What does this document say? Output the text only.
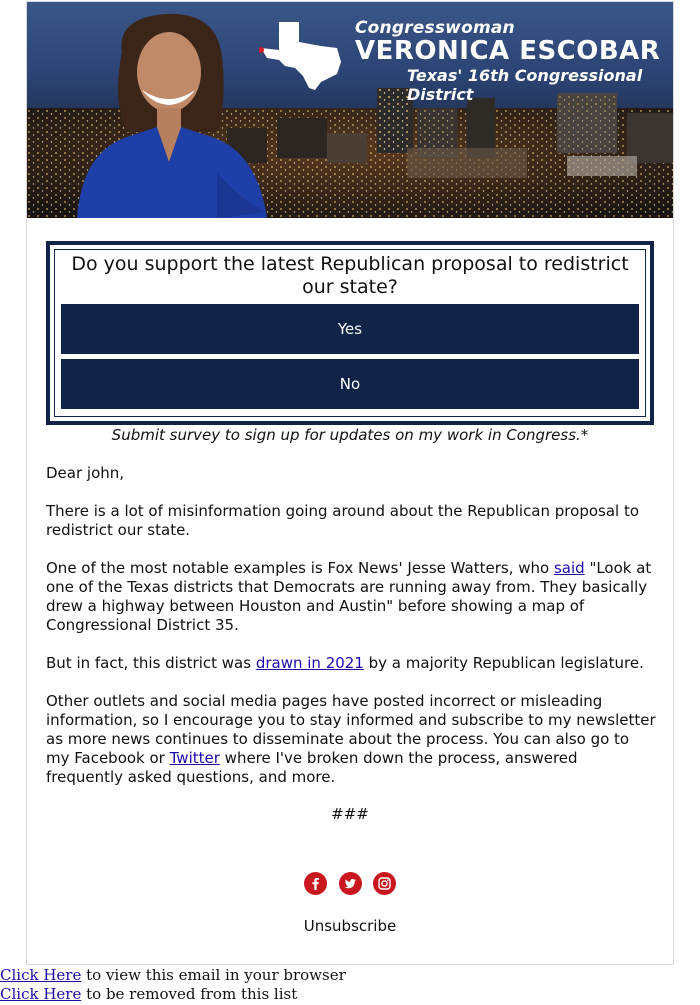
Congresswoman
VERONICA ESCOBAR
Texas' 16th Congressional District
Do you support the latest Republican proposal to redistrict our state?
Yes
No
Submit survey to sign up for updates on my work in Congress.*

Dear john,

There is a lot of misinformation going around about the Republican proposal to redistrict our state.

One of the most notable examples is Fox News' Jesse Watters, who said "Look at one of the Texas districts that Democrats are running away from. They basically drew a highway between Houston and Austin" before showing a map of Congressional District 35.

But in fact, this district was drawn in 2021 by a majority Republican legislature.

Other outlets and social media pages have posted incorrect or misleading information, so I encourage you to stay informed and subscribe to my newsletter as more news continues to disseminate about the process. You can also go to my Facebook or Twitter where I've broken down the process, answered frequently asked questions, and more.

###

Unsubscribe
Click Here to view this email in your browser
Click Here to be removed from this list
